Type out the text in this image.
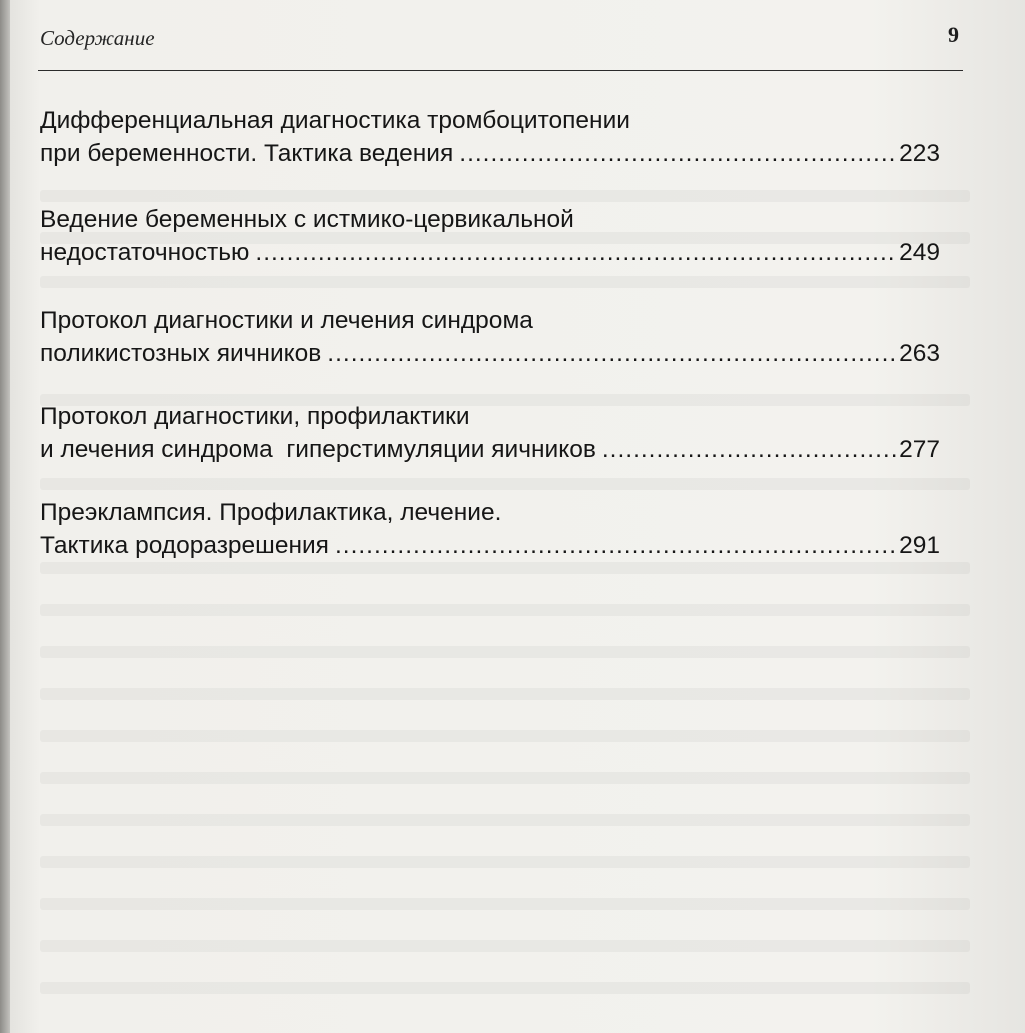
Содержание	9
Дифференциальная диагностика тромбоцитопении
при беременности. Тактика ведения .....	223
Ведение беременных с истмико-цервикальной
недостаточностью .....	249
Протокол диагностики и лечения синдрома
поликистозных яичников .....	263
Протокол диагностики, профилактики
и лечения синдрома  гиперстимуляции яичников .....	277
Преэклампсия. Профилактика, лечение.
Тактика родоразрешения .....	291
